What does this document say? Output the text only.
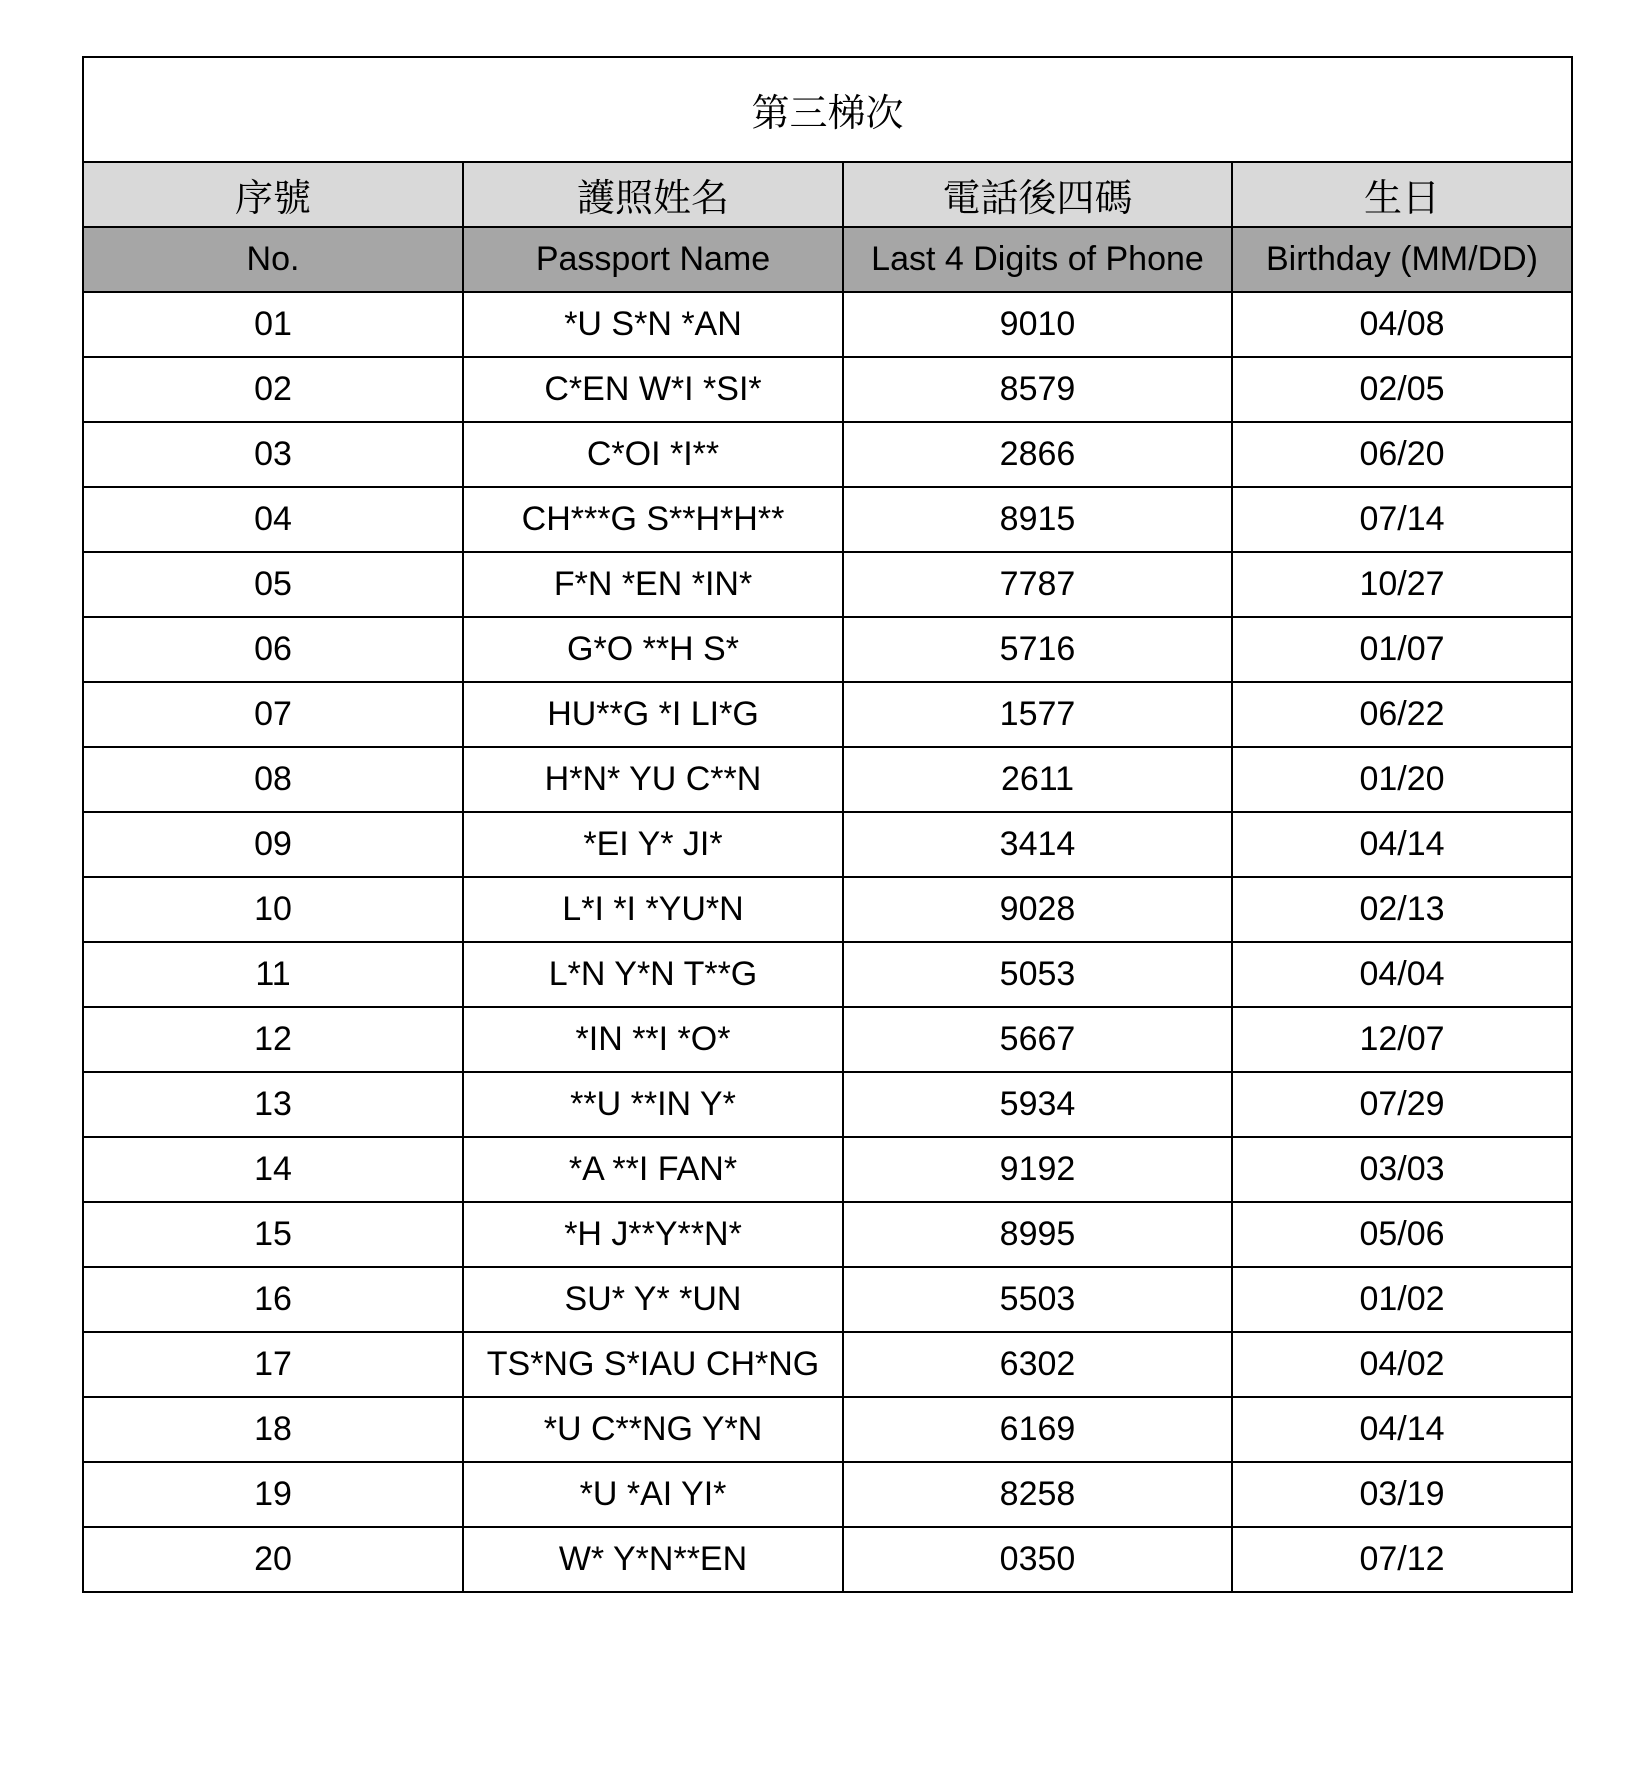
第三梯次			
序號	護照姓名	電話後四碼	生日
No.	Passport Name	Last 4 Digits of Phone	Birthday (MM/DD)
01	*U S*N *AN	9010	04/08
02	C*EN W*I *SI*	8579	02/05
03	C*OI *I**	2866	06/20
04	CH***G S**H*H**	8915	07/14
05	F*N *EN *IN*	7787	10/27
06	G*O **H S*	5716	01/07
07	HU**G *I LI*G	1577	06/22
08	H*N* YU C**N	2611	01/20
09	*EI Y* JI*	3414	04/14
10	L*I *I *YU*N	9028	02/13
11	L*N Y*N T**G	5053	04/04
12	*IN **I *O*	5667	12/07
13	**U **IN Y*	5934	07/29
14	*A **I FAN*	9192	03/03
15	*H J**Y**N*	8995	05/06
16	SU* Y* *UN	5503	01/02
17	TS*NG S*IAU CH*NG	6302	04/02
18	*U C**NG Y*N	6169	04/14
19	*U *AI YI*	8258	03/19
20	W* Y*N**EN	0350	07/12
